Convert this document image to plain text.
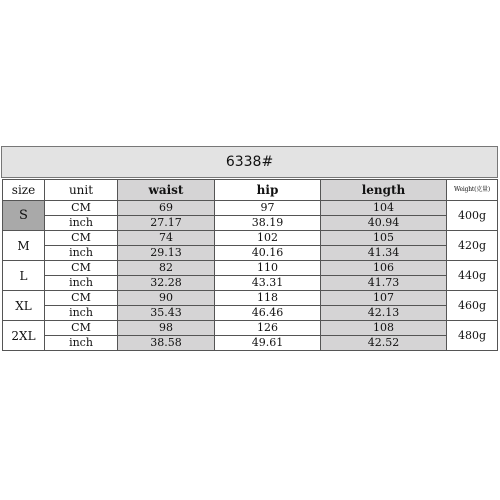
6338#
size	unit	waist	hip	length	Weight(克量)
S	CM	69	97	104	400g
	inch	27.17	38.19	40.94	
M	CM	74	102	105	420g
	inch	29.13	40.16	41.34	
L	CM	82	110	106	440g
	inch	32.28	43.31	41.73	
XL	CM	90	118	107	460g
	inch	35.43	46.46	42.13	
2XL	CM	98	126	108	480g
	inch	38.58	49.61	42.52	
